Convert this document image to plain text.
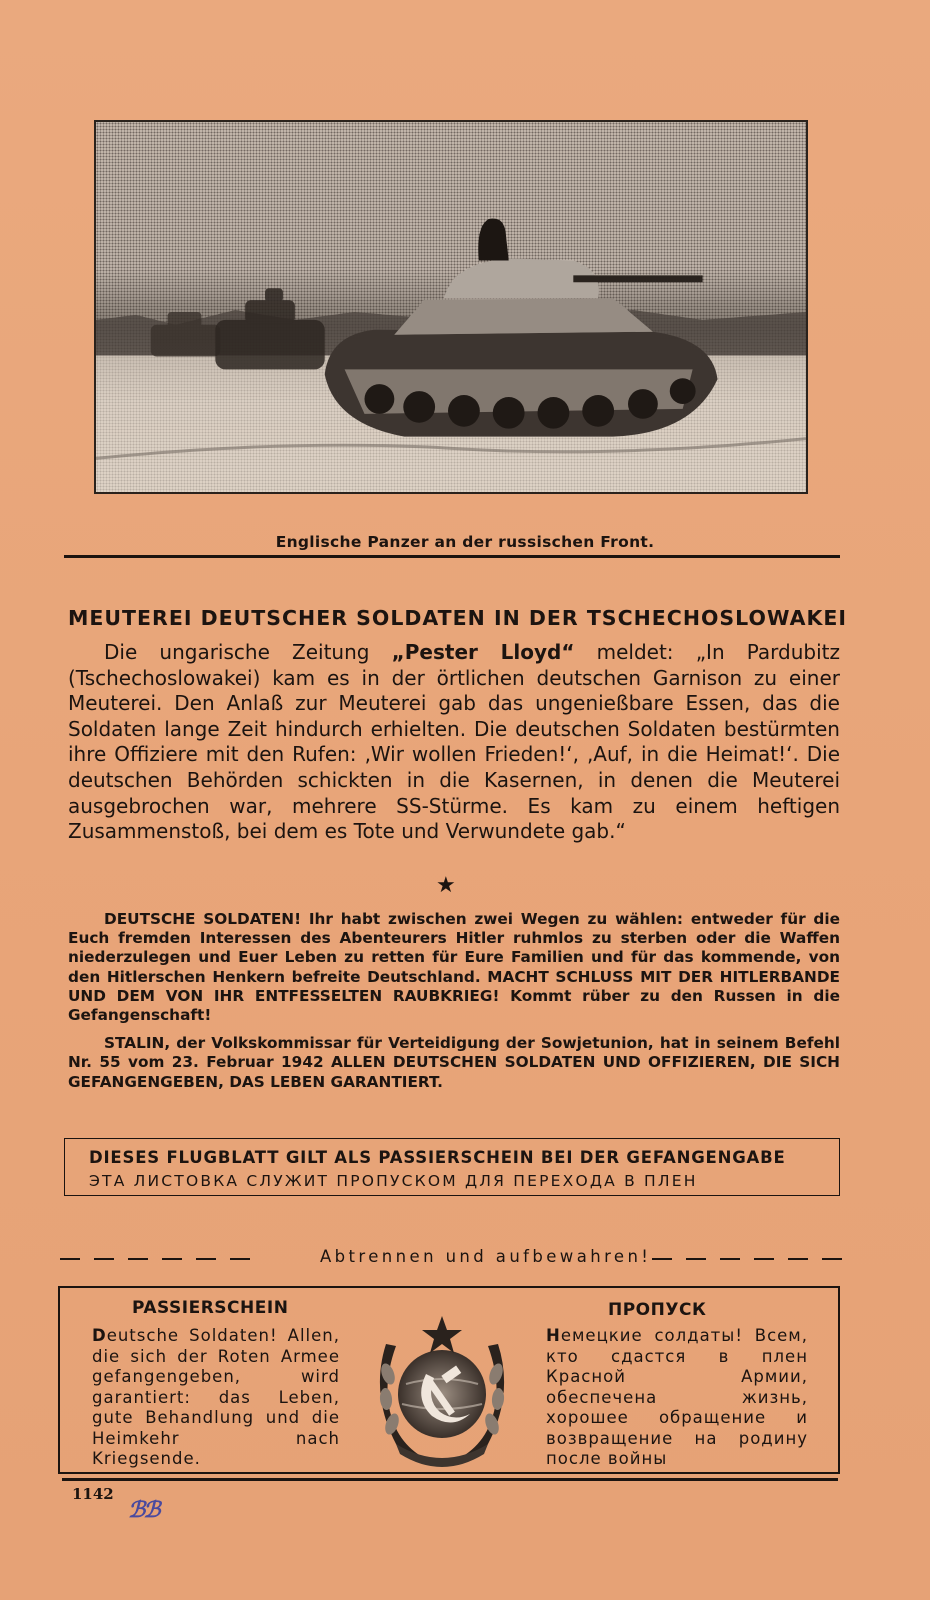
Englische Panzer an der russischen Front.
MEUTEREI DEUTSCHER SOLDATEN IN DER TSCHECHOSLOWAKEI
Die ungarische Zeitung „Pester Lloyd“ meldet: „In Pardubitz (Tschechoslowakei) kam es in der örtlichen deutschen Garnison zu einer Meuterei. Den Anlaß zur Meuterei gab das ungenießbare Essen, das die Soldaten lange Zeit hindurch erhielten. Die deutschen Soldaten bestürmten ihre Offiziere mit den Rufen: ‚Wir wollen Frieden!‘, ‚Auf, in die Heimat!‘. Die deutschen Behörden schickten in die Kasernen, in denen die Meuterei ausgebrochen war, mehrere SS-Stürme. Es kam zu einem heftigen Zusammenstoß, bei dem es Tote und Verwundete gab.“
★

DEUTSCHE SOLDATEN! Ihr habt zwischen zwei Wegen zu wählen: entweder für die Euch fremden Interessen des Abenteurers Hitler ruhmlos zu sterben oder die Waffen niederzulegen und Euer Leben zu retten für Eure Familien und für das kommende, von den Hitlerschen Henkern befreite Deutschland. MACHT SCHLUSS MIT DER HITLERBANDE UND DEM VON IHR ENTFESSELTEN RAUBKRIEG! Kommt rüber zu den Russen in die Gefangenschaft!

STALIN, der Volkskommissar für Verteidigung der Sowjetunion, hat in seinem Befehl Nr. 55 vom 23. Februar 1942 ALLEN DEUTSCHEN SOLDATEN UND OFFIZIEREN, DIE SICH GEFANGENGEBEN, DAS LEBEN GARANTIERT.

DIESES FLUGBLATT GILT ALS PASSIERSCHEIN BEI DER GEFANGENGABE
ЭТА ЛИСТОВКА СЛУЖИТ ПРОПУСКОМ ДЛЯ ПЕРЕХОДА В ПЛЕН
Abtrennen und aufbewahren!
PASSIERSCHEIN
Deutsche Soldaten! Allen, die sich der Roten Armee gefangengeben, wird garantiert: das Leben, gute Behandlung und die Heimkehr nach Kriegsende.
ПРОПУСК
Немецкие солдаты! Всем, кто сдастся в плен Красной Армии, обеспечена жизнь, хорошее обращение и возвращение на родину после войны
1142
ℬℬ
